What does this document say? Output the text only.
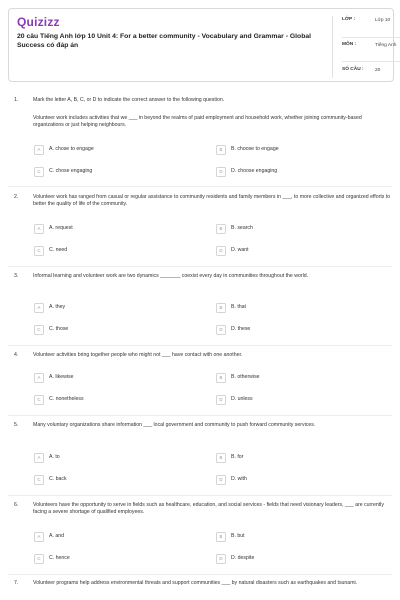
Quizizz
20 câu Tiếng Anh lớp 10 Unit 4: For a better community - Vocabulary and Grammar - Global Success có đáp án
LỚP :	Lớp 10
MÔN :	Tiếng Anh
SỐ CÂU : 20
1.	Mark the letter A, B, C, or D to indicate the correct answer to the following question.
Volunteer work includes activities that we ___ in beyond the realms of paid employment and household work, whether joining community-based organizations or just helping neighbours.
A	A. chose to engage	B	B. choose to engage
C	C. chose engaging	D	D. choose engaging
2.	Volunteer work has ranged from casual or regular assistance to community residents and family members in ___, to more collective and organized efforts to better the quality of life of the community.
A	A. request	B	B. search
C	C. need	D	D. want
3.	Informal learning and volunteer work are two dynamics _______ coexist every day in communities throughout the world.
A	A. they	B	B. that
C	C. those	D	D. these
4.	Volunteer activities bring together people who might not ___ have contact with one another.
A	A. likewise	B	B. otherwise
C	C. nonetheless	D	D. unless
5.	Many voluntary organizations share information ___ local government and community to push forward community services.
A	A. to	B	B. for
C	C. back	D	D. with
6.	Volunteers have the opportunity to serve in fields such as healthcare, education, and social services - fields that need visionary leaders, ___ are currently facing a severe shortage of qualified employees.
A	A. and	B	B. but
C	C. hence	D	D. despite
7.	Volunteer programs help address environmental threats and support communities ___ by natural disasters such as earthquakes and tsunami.
